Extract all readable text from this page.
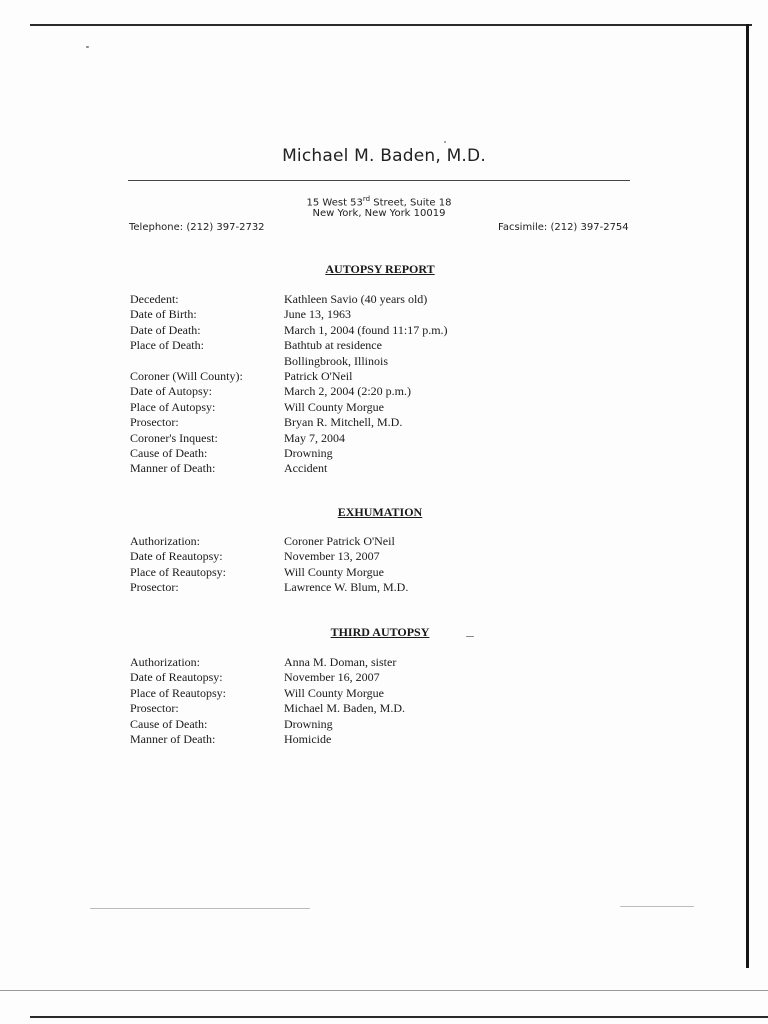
Michael M. Baden, M.D.
15 West 53rd Street, Suite 18
New York, New York 10019
Telephone: (212) 397-2732	Facsimile: (212) 397-2754
AUTOPSY REPORT
Decedent:	Kathleen Savio (40 years old)
Date of Birth:	June 13, 1963
Date of Death:	March 1, 2004 (found 11:17 p.m.)
Place of Death:	Bathtub at residence
Bollingbrook, Illinois
Coroner (Will County):	Patrick O'Neil
Date of Autopsy:	March 2, 2004 (2:20 p.m.)
Place of Autopsy:	Will County Morgue
Prosector:	Bryan R. Mitchell, M.D.
Coroner's Inquest:	May 7, 2004
Cause of Death:	Drowning
Manner of Death:	Accident
EXHUMATION
Authorization:	Coroner Patrick O'Neil
Date of Reautopsy:	November 13, 2007
Place of Reautopsy:	Will County Morgue
Prosector:	Lawrence W. Blum, M.D.
THIRD AUTOPSY
Authorization:	Anna M. Doman, sister
Date of Reautopsy:	November 16, 2007
Place of Reautopsy:	Will County Morgue
Prosector:	Michael M. Baden, M.D.
Cause of Death:	Drowning
Manner of Death:	Homicide
